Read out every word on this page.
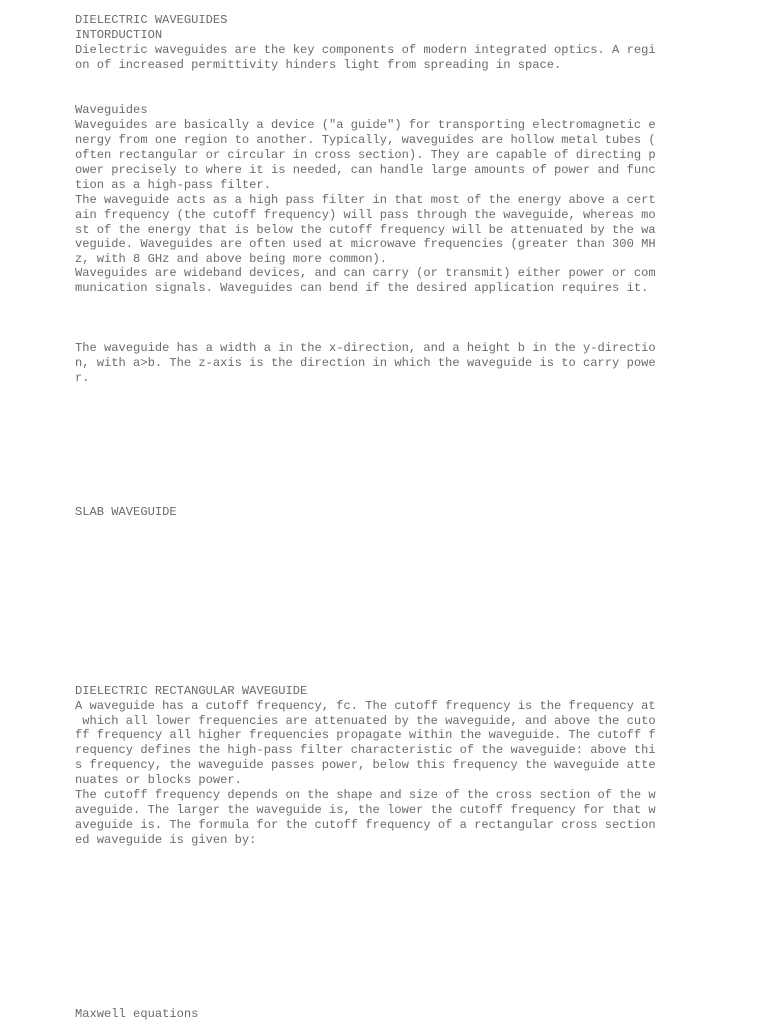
DIELECTRIC WAVEGUIDES

INTORDUCTION

Dielectric waveguides are the key components of modern integrated optics. A regi

on of increased permittivity hinders light from spreading in space.

Waveguides

Waveguides are basically a device ("a guide") for transporting electromagnetic e

nergy from one region to another. Typically, waveguides are hollow metal tubes (

often rectangular or circular in cross section). They are capable of directing p

ower precisely to where it is needed, can handle large amounts of power and func

tion as a high-pass filter.

The waveguide acts as a high pass filter in that most of the energy above a cert

ain frequency (the cutoff frequency) will pass through the waveguide, whereas mo

st of the energy that is below the cutoff frequency will be attenuated by the wa

veguide. Waveguides are often used at microwave frequencies (greater than 300 MH

z, with 8 GHz and above being more common).

Waveguides are wideband devices, and can carry (or transmit) either power or com

munication signals. Waveguides can bend if the desired application requires it.

The waveguide has a width a in the x-direction, and a height b in the y-directio

n, with a>b. The z-axis is the direction in which the waveguide is to carry powe

r.

SLAB WAVEGUIDE

DIELECTRIC RECTANGULAR WAVEGUIDE

A waveguide has a cutoff frequency, fc. The cutoff frequency is the frequency at

which all lower frequencies are attenuated by the waveguide, and above the cuto

ff frequency all higher frequencies propagate within the waveguide. The cutoff f

requency defines the high-pass filter characteristic of the waveguide: above thi

s frequency, the waveguide passes power, below this frequency the waveguide atte

nuates or blocks power.

The cutoff frequency depends on the shape and size of the cross section of the w

aveguide. The larger the waveguide is, the lower the cutoff frequency for that w

aveguide is. The formula for the cutoff frequency of a rectangular cross section

ed waveguide is given by:

Maxwell equations
